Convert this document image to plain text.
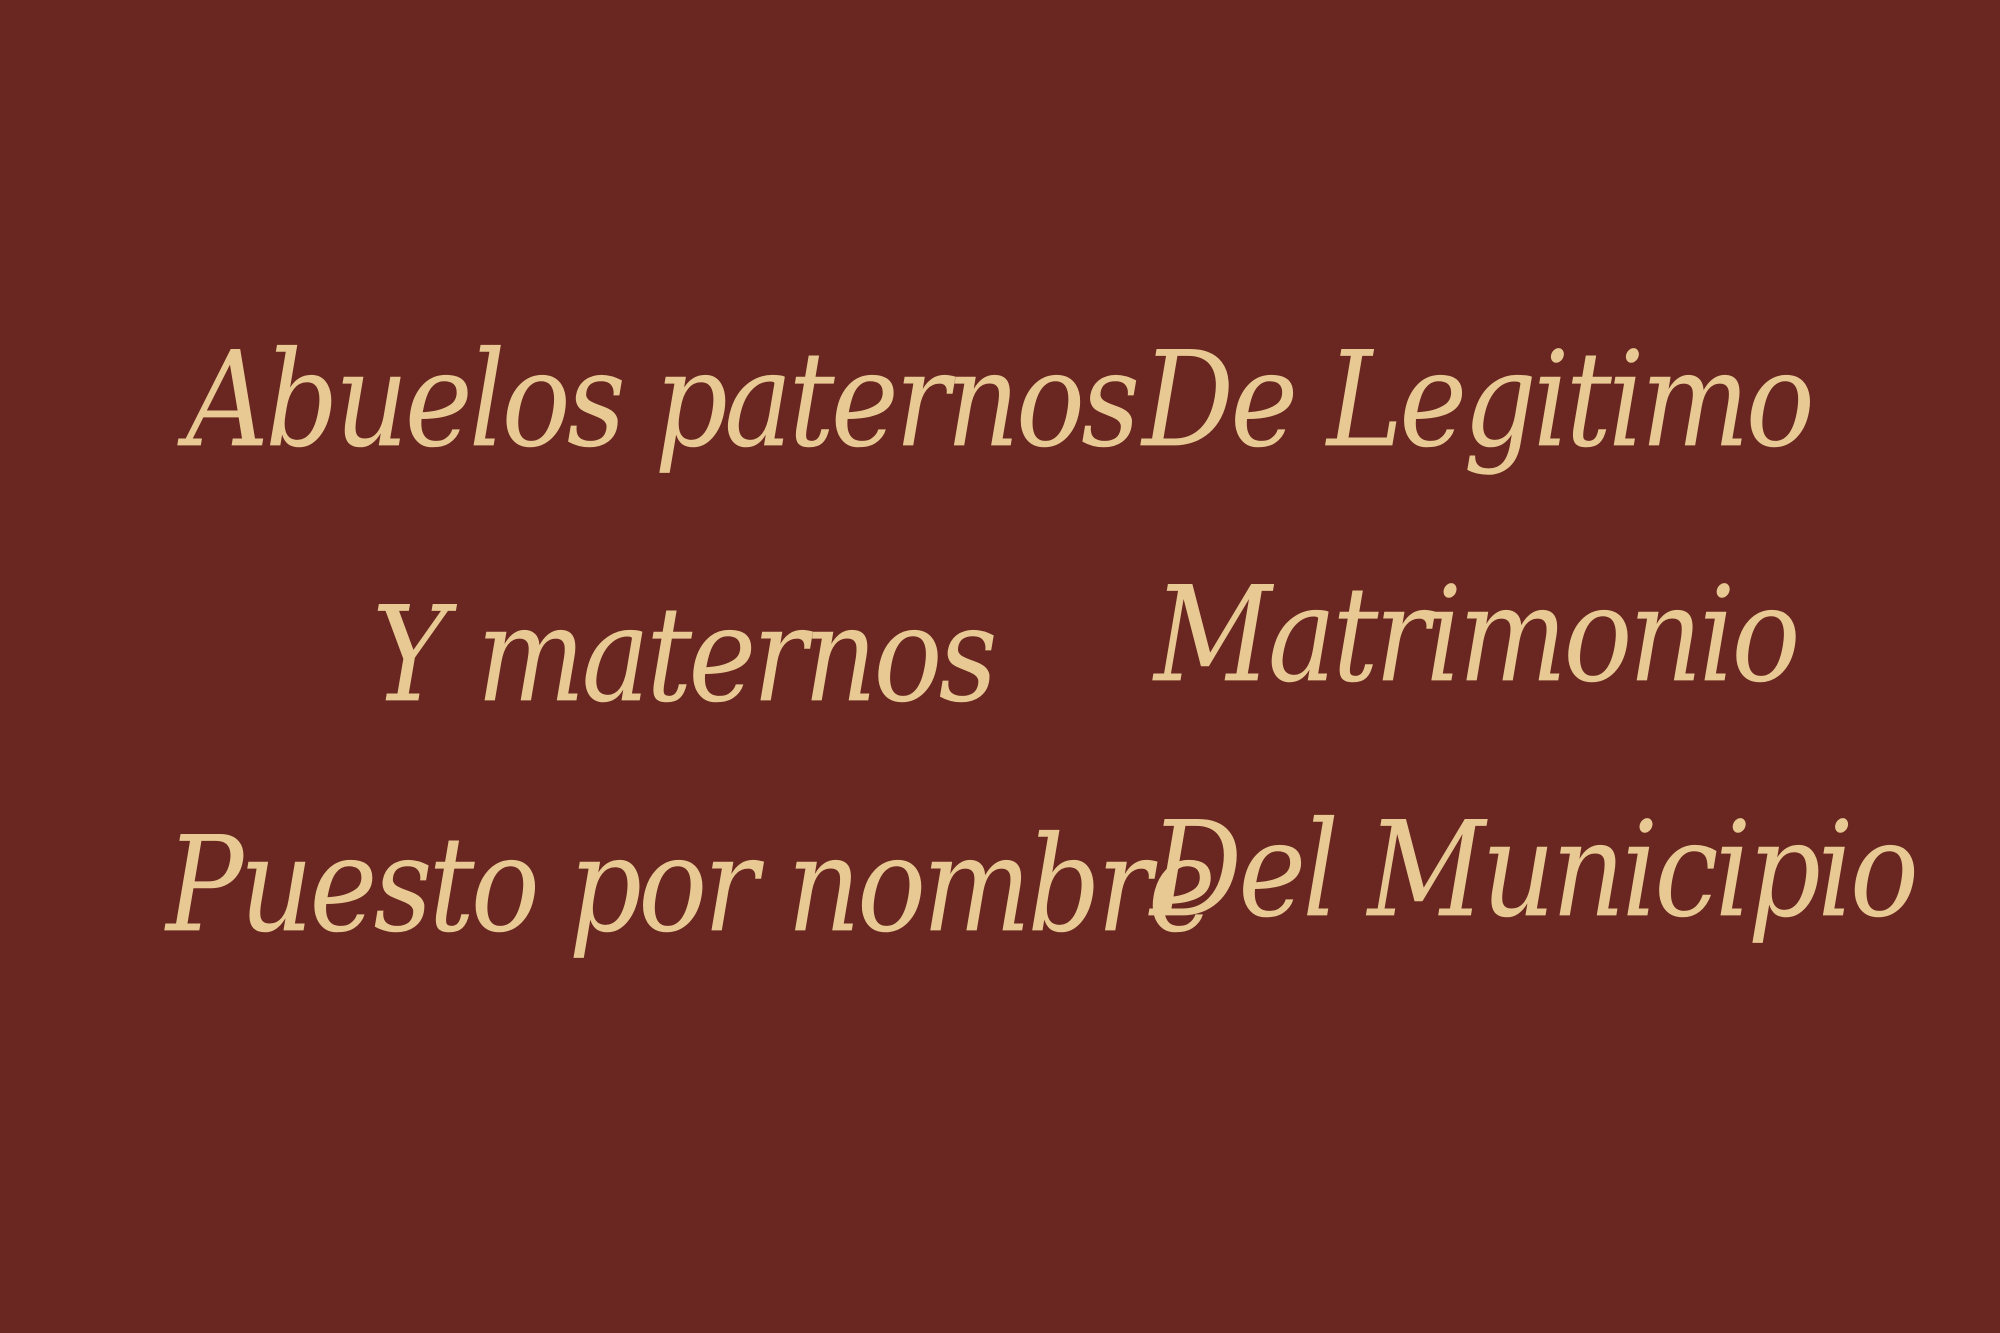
Abuelos paternos

Y maternos

Puesto por nombre

De Legitimo

Matrimonio

Del Municipio
